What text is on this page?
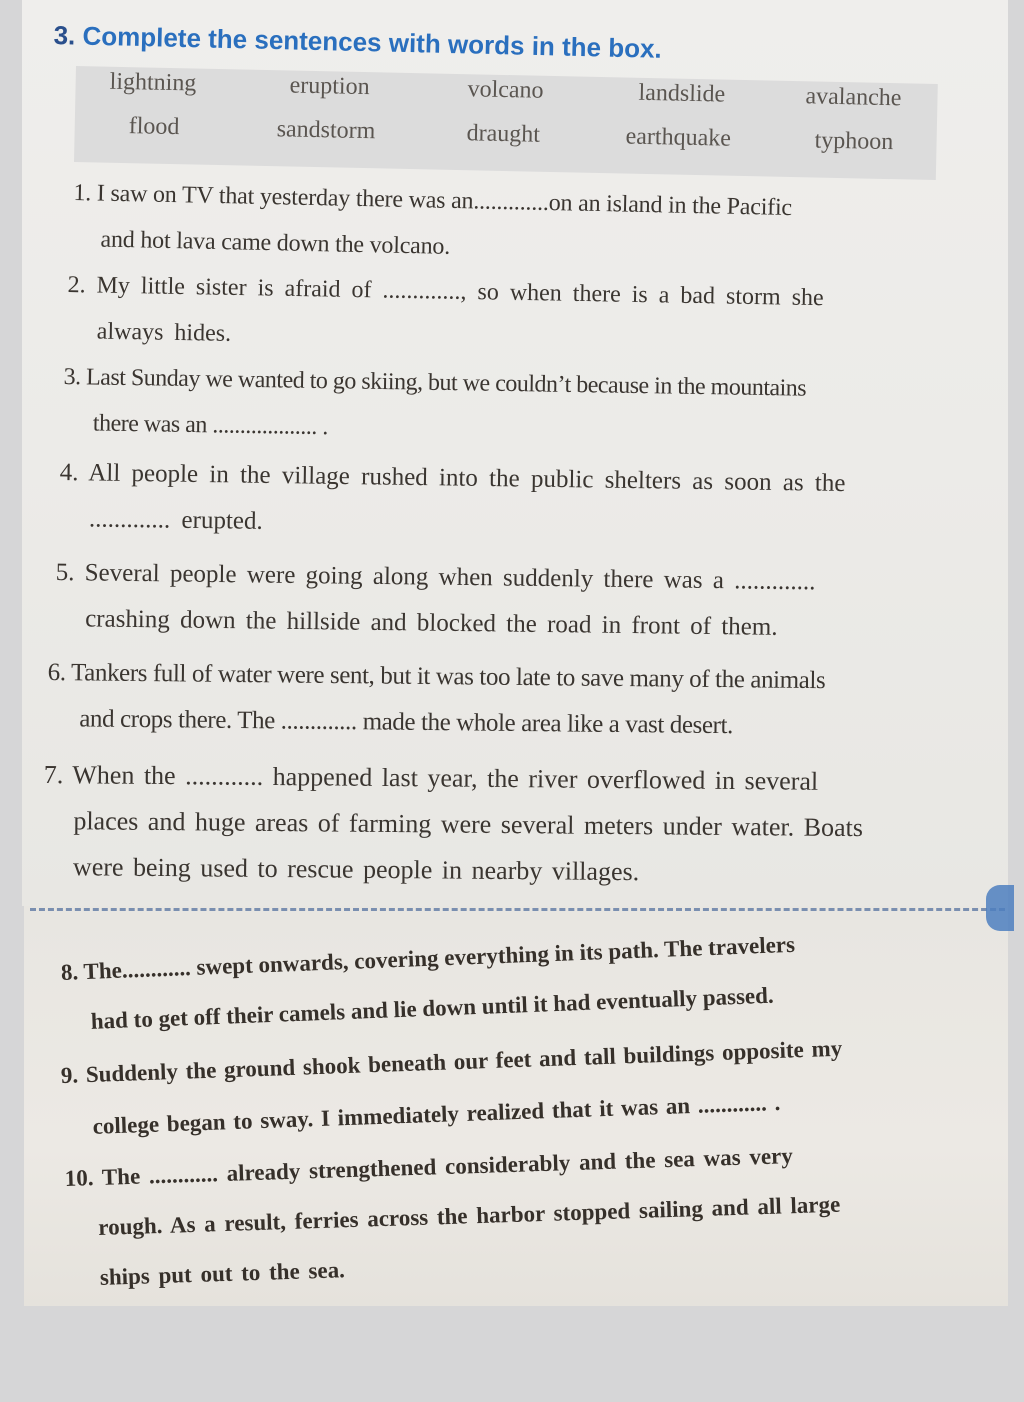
3. Complete the sentences with words in the box.
lightning	eruption	volcano	landslide	avalanche
flood	sandstorm	draught	earthquake	typhoon
1. I saw on TV that yesterday there was an.............on an island in the Pacific
and hot lava came down the volcano.
2. My little sister is afraid of ............., so when there is a bad storm she
always hides.
3. Last Sunday we wanted to go skiing, but we couldn’t because in the mountains
there was an ................... .
4. All people in the village rushed into the public shelters as soon as the
............. erupted.
5. Several people were going along when suddenly there was a .............
crashing down the hillside and blocked the road in front of them.
6. Tankers full of water were sent, but it was too late to save many of the animals
and crops there. The ............. made the whole area like a vast desert.
7. When the ............ happened last year, the river overflowed in several
places and huge areas of farming were several meters under water. Boats
were being used to rescue people in nearby villages.
8. The............ swept onwards, covering everything in its path. The travelers
had to get off their camels and lie down until it had eventually passed.
9. Suddenly the ground shook beneath our feet and tall buildings opposite my
college began to sway. I immediately realized that it was an ............ .
10. The ............ already strengthened considerably and the sea was very
rough. As a result, ferries across the harbor stopped sailing and all large
ships put out to the sea.
